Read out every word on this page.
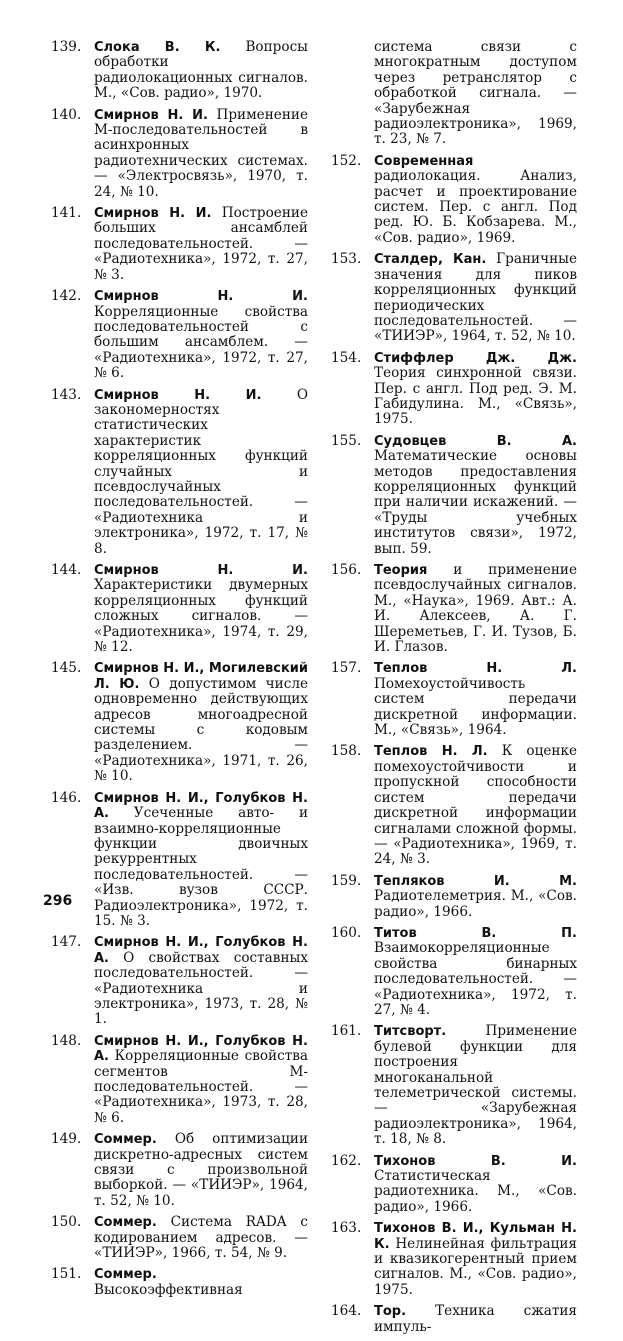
139. Слока В. К. Вопросы обработки радиолокационных сигналов. М., «Сов. радио», 1970.
140. Смирнов Н. И. Применение M-последовательностей в асинхронных радиотехнических системах. — «Электросвязь», 1970, т. 24, № 10.
141. Смирнов Н. И. Построение больших ансамблей последовательностей. — «Радиотехника», 1972, т. 27, № 3.
142. Смирнов Н. И. Корреляционные свойства последовательностей с большим ансамблем. — «Радиотехника», 1972, т. 27, № 6.
143. Смирнов Н. И. О закономерностях статистических характеристик корреляционных функций случайных и псевдослучайных последовательностей. — «Радиотехника и электроника», 1972, т. 17, № 8.
144. Смирнов Н. И. Характеристики двумерных корреляционных функций сложных сигналов. — «Радиотехника», 1974, т. 29, № 12.
145. Смирнов Н. И., Могилевский Л. Ю. О допустимом числе одновременно действующих адресов многоадресной системы с кодовым разделением. — «Радиотехника», 1971, т. 26, № 10.
146. Смирнов Н. И., Голубков Н. А. Усеченные авто- и взаимно-корреляционные функции двоичных рекуррентных последовательностей. — «Изв. вузов СССР. Радиоэлектроника», 1972, т. 15. № 3.
147. Смирнов Н. И., Голубков Н. А. О свойствах составных последовательностей. — «Радиотехника и электроника», 1973, т. 28, № 1.
148. Смирнов Н. И., Голубков Н. А. Корреляционные свойства сегментов M-последовательностей. — «Радиотехника», 1973, т. 28, № 6.
149. Соммер. Об оптимизации дискретно-адресных систем связи с произвольной выборкой. — «ТИИЭР», 1964, т. 52, № 10.
150. Соммер. Система RADA с кодированием адресов. — «ТИИЭР», 1966, т. 54, № 9.
151. Соммер. Высокоэффективная
система связи с многократным доступом через ретранслятор с обработкой сигнала. — «Зарубежная радиоэлектроника», 1969, т. 23, № 7.
152. Современная радиолокация. Анализ, расчет и проектирование систем. Пер. с англ. Под ред. Ю. Б. Кобзарева. М., «Сов. радио», 1969.
153. Сталдер, Кан. Граничные значения для пиков корреляционных функций периодических последовательностей. — «ТИИЭР», 1964, т. 52, № 10.
154. Стиффлер Дж. Дж. Теория синхронной связи. Пер. с англ. Под ред. Э. М. Габидулина. М., «Связь», 1975.
155. Судовцев В. А. Математические основы методов предоставления корреляционных функций при наличии искажений. — «Труды учебных институтов связи», 1972, вып. 59.
156. Теория и применение псевдослучайных сигналов. М., «Наука», 1969. Авт.: А. И. Алексеев, А. Г. Шереметьев, Г. И. Тузов, Б. И. Глазов.
157. Теплов Н. Л. Помехоустойчивость систем передачи дискретной информации. М., «Связь», 1964.
158. Теплов Н. Л. К оценке помехоустойчивости и пропускной способности систем передачи дискретной информации сигналами сложной формы. — «Радиотехника», 1969, т. 24, № 3.
159. Тепляков И. М. Радиотелеметрия. М., «Сов. радио», 1966.
160. Титов В. П. Взаимокорреляционные свойства бинарных последовательностей. — «Радиотехника», 1972, т. 27, № 4.
161. Титсворт. Применение булевой функции для построения многоканальной телеметрической системы. — «Зарубежная радиоэлектроника», 1964, т. 18, № 8.
162. Тихонов В. И. Статистическая радиотехника. М., «Сов. радио», 1966.
163. Тихонов В. И., Кульман Н. К. Нелинейная фильтрация и квазикогерентный прием сигналов. М., «Сов. радио», 1975.
164. Тор. Техника сжатия импуль-
296
